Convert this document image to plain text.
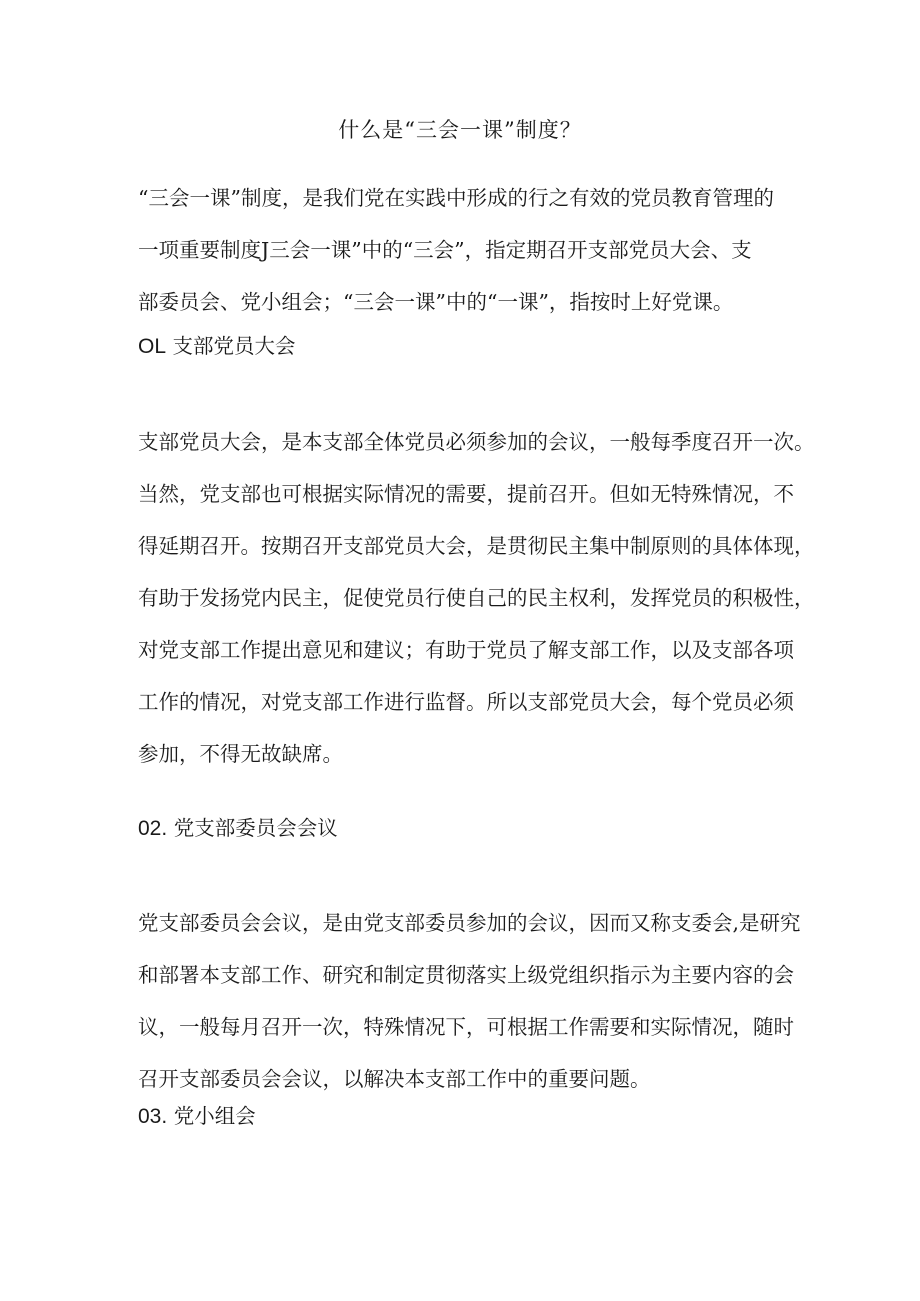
什么是“三会一课”制度？

“三会一课”制度，是我们党在实践中形成的行之有效的党员教育管理的
一项重要制度J三会一课”中的“三会”，指定期召开支部党员大会、支
部委员会、党小组会；“三会一课”中的“一课”，指按时上好党课。

OL 支部党员大会

支部党员大会，是本支部全体党员必须参加的会议，一般每季度召开一次。
当然，党支部也可根据实际情况的需要，提前召开。但如无特殊情况，不
得延期召开。按期召开支部党员大会，是贯彻民主集中制原则的具体体现，
有助于发扬党内民主，促使党员行使自己的民主权利，发挥党员的积极性，
对党支部工作提出意见和建议；有助于党员了解支部工作，以及支部各项
工作的情况，对党支部工作进行监督。所以支部党员大会，每个党员必须
参加，不得无故缺席。

02. 党支部委员会会议

党支部委员会会议，是由党支部委员参加的会议，因而又称支委会,是研究
和部署本支部工作、研究和制定贯彻落实上级党组织指示为主要内容的会
议，一般每月召开一次，特殊情况下，可根据工作需要和实际情况，随时
召开支部委员会会议，以解决本支部工作中的重要问题。

03. 党小组会
